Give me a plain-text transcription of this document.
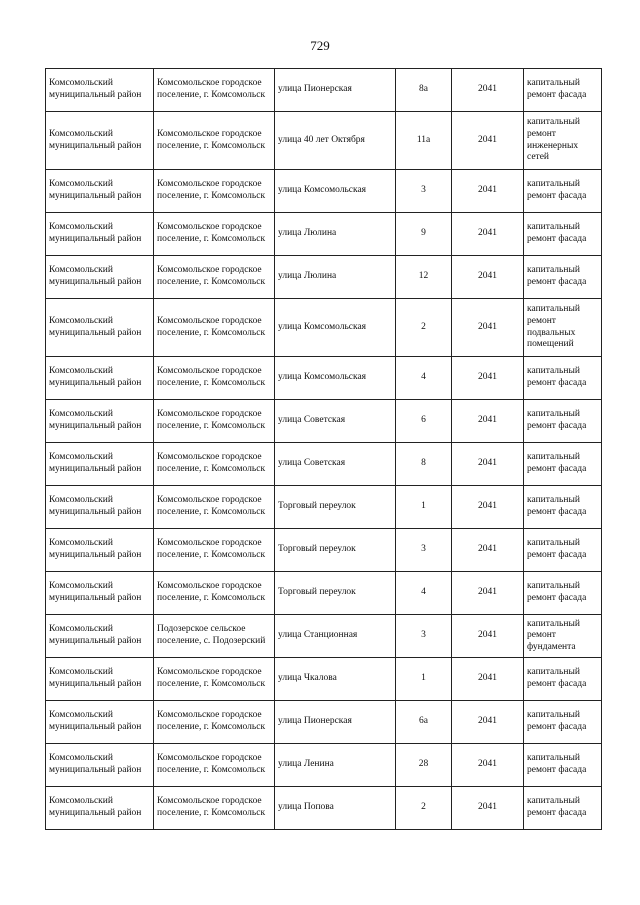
729
Комсомольский муниципальный район	Комсомольское городское поселение, г. Комсомольск	улица Пионерская	8а	2041	капитальный ремонт фасада
Комсомольский муниципальный район	Комсомольское городское поселение, г. Комсомольск	улица 40 лет Октября	11а	2041	капитальный ремонт инженерных сетей
Комсомольский муниципальный район	Комсомольское городское поселение, г. Комсомольск	улица Комсомольская	3	2041	капитальный ремонт фасада
Комсомольский муниципальный район	Комсомольское городское поселение, г. Комсомольск	улица Люлина	9	2041	капитальный ремонт фасада
Комсомольский муниципальный район	Комсомольское городское поселение, г. Комсомольск	улица Люлина	12	2041	капитальный ремонт фасада
Комсомольский муниципальный район	Комсомольское городское поселение, г. Комсомольск	улица Комсомольская	2	2041	капитальный ремонт подвальных помещений
Комсомольский муниципальный район	Комсомольское городское поселение, г. Комсомольск	улица Комсомольская	4	2041	капитальный ремонт фасада
Комсомольский муниципальный район	Комсомольское городское поселение, г. Комсомольск	улица Советская	6	2041	капитальный ремонт фасада
Комсомольский муниципальный район	Комсомольское городское поселение, г. Комсомольск	улица Советская	8	2041	капитальный ремонт фасада
Комсомольский муниципальный район	Комсомольское городское поселение, г. Комсомольск	Торговый переулок	1	2041	капитальный ремонт фасада
Комсомольский муниципальный район	Комсомольское городское поселение, г. Комсомольск	Торговый переулок	3	2041	капитальный ремонт фасада
Комсомольский муниципальный район	Комсомольское городское поселение, г. Комсомольск	Торговый переулок	4	2041	капитальный ремонт фасада
Комсомольский муниципальный район	Подозерское сельское поселение, с. Подозерский	улица Станционная	3	2041	капитальный ремонт фундамента
Комсомольский муниципальный район	Комсомольское городское поселение, г. Комсомольск	улица Чкалова	1	2041	капитальный ремонт фасада
Комсомольский муниципальный район	Комсомольское городское поселение, г. Комсомольск	улица Пионерская	6а	2041	капитальный ремонт фасада
Комсомольский муниципальный район	Комсомольское городское поселение, г. Комсомольск	улица Ленина	28	2041	капитальный ремонт фасада
Комсомольский муниципальный район	Комсомольское городское поселение, г. Комсомольск	улица Попова	2	2041	капитальный ремонт фасада
